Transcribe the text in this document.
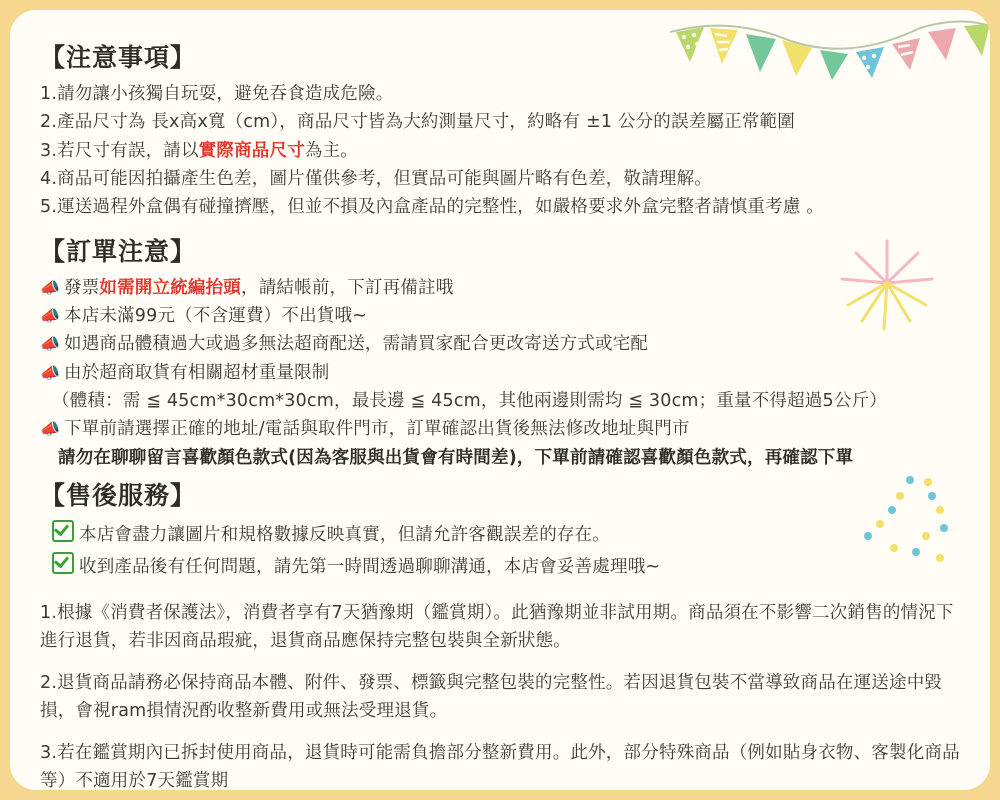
【注意事項】
1.請勿讓小孩獨自玩耍，避免吞食造成危險。
2.產品尺寸為 長x高x寬（cm），商品尺寸皆為大約測量尺寸，約略有 ±1 公分的誤差屬正常範圍
3.若尺寸有誤，請以實際商品尺寸為主。
4.商品可能因拍攝產生色差，圖片僅供參考，但實品可能與圖片略有色差，敬請理解。
5.運送過程外盒偶有碰撞擠壓，但並不損及內盒產品的完整性，如嚴格要求外盒完整者請慎重考慮 。
【訂單注意】
📣 發票如需開立統編抬頭，請結帳前，下訂再備註哦
📣 本店未滿99元（不含運費）不出貨哦~
📣 如遇商品體積過大或過多無法超商配送，需請買家配合更改寄送方式或宅配
📣 由於超商取貨有相關超材重量限制
（體積：需 ≦ 45cm*30cm*30cm，最長邊 ≦ 45cm，其他兩邊則需均 ≦ 30cm；重量不得超過5公斤）
📣 下單前請選擇正確的地址/電話與取件門市，訂單確認出貨後無法修改地址與門市
請勿在聊聊留言喜歡顏色款式(因為客服與出貨會有時間差)，下單前請確認喜歡顏色款式，再確認下單
【售後服務】
本店會盡力讓圖片和規格數據反映真實，但請允許客觀誤差的存在。
收到產品後有任何問題，請先第一時間透過聊聊溝通，本店會妥善處理哦~

1.根據《消費者保護法》，消費者享有7天猶豫期（鑑賞期）。此猶豫期並非試用期。商品須在不影響二次銷售的情況下進行退貨，若非因商品瑕疵，退貨商品應保持完整包裝與全新狀態。

2.退貨商品請務必保持商品本體、附件、發票、標籤與完整包裝的完整性。若因退貨包裝不當導致商品在運送途中毀損，會視ram損情況酌收整新費用或無法受理退貨。

3.若在鑑賞期內已拆封使用商品，退貨時可能需負擔部分整新費用。此外，部分特殊商品（例如貼身衣物、客製化商品等）不適用於7天鑑賞期
